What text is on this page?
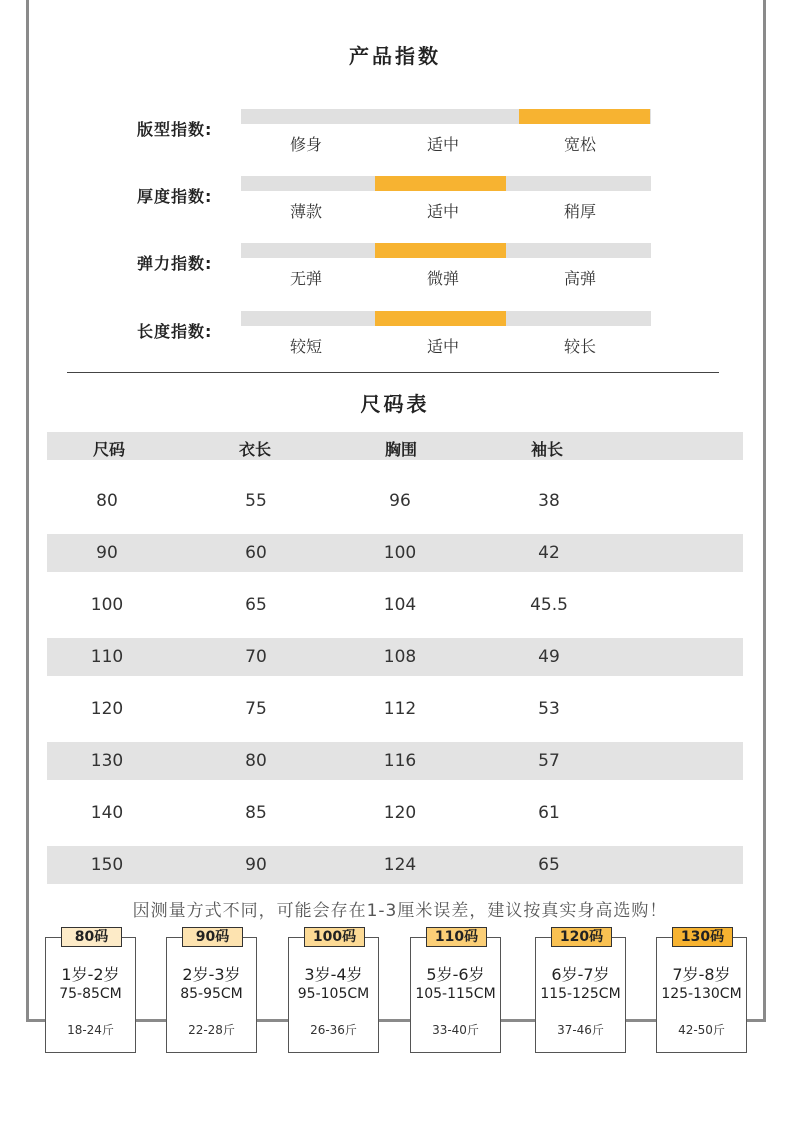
产品指数
版型指数:
修身	适中	宽松
厚度指数:
薄款	适中	稍厚
弹力指数:
无弹	微弹	高弹
长度指数:
较短	适中	较长
尺码表
尺码	衣长	胸围	袖长
80	55	96	38
90	60	100	42
100	65	104	45.5
110	70	108	49
120	75	112	53
130	80	116	57
140	85	120	61
150	90	124	65
因测量方式不同，可能会存在1-3厘米误差，建议按真实身高选购！
80码
1岁-2岁
75-85CM
18-24斤
90码
2岁-3岁
85-95CM
22-28斤
100码
3岁-4岁
95-105CM
26-36斤
110码
5岁-6岁
105-115CM
33-40斤
120码
6岁-7岁
115-125CM
37-46斤
130码
7岁-8岁
125-130CM
42-50斤
